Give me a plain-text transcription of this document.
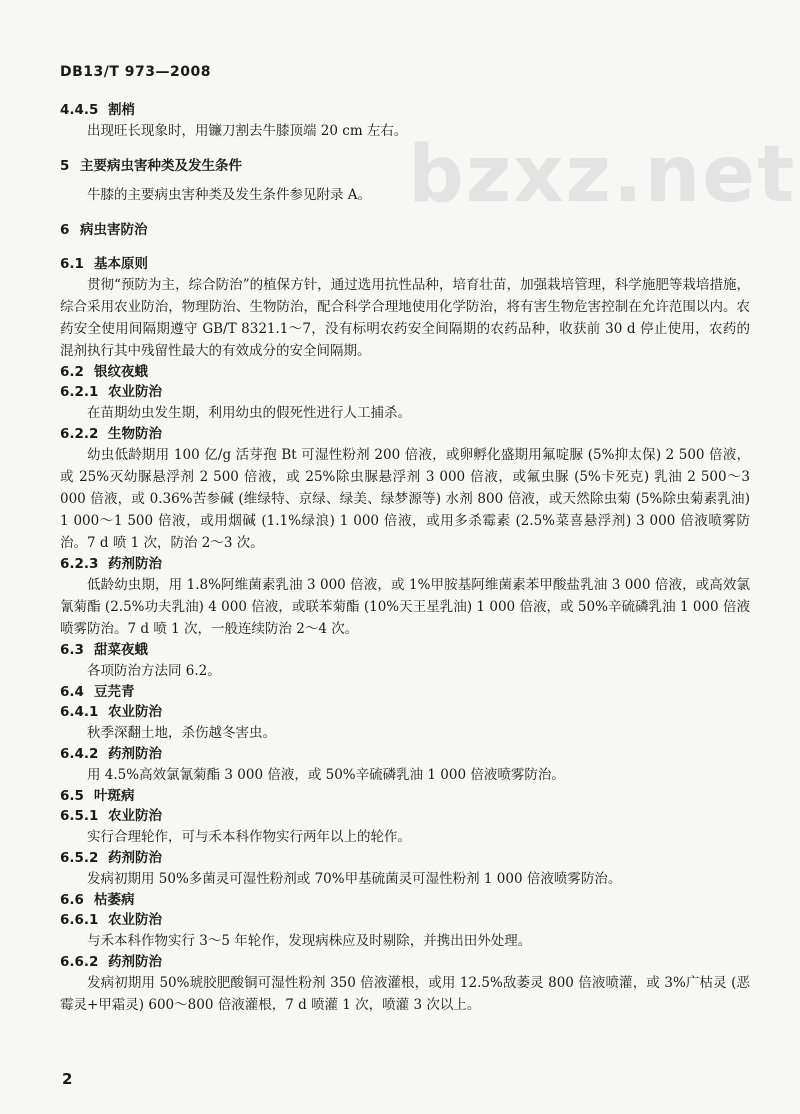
DB13/T 973—2008
bzxz.net
4.4.5 割梢
出现旺长现象时，用镰刀割去牛膝顶端 20 cm 左右。
5 主要病虫害种类及发生条件
牛膝的主要病虫害种类及发生条件参见附录 A。
6 病虫害防治
6.1 基本原则
贯彻“预防为主，综合防治”的植保方针，通过选用抗性品种，培育壮苗，加强栽培管理，科学施肥等栽培措施，综合采用农业防治，物理防治、生物防治，配合科学合理地使用化学防治，将有害生物危害控制在允许范围以内。农药安全使用间隔期遵守 GB/T 8321.1～7，没有标明农药安全间隔期的农药品种，收获前 30 d 停止使用，农药的混剂执行其中残留性最大的有效成分的安全间隔期。
6.2 银纹夜蛾
6.2.1 农业防治
在苗期幼虫发生期，利用幼虫的假死性进行人工捕杀。
6.2.2 生物防治
幼虫低龄期用 100 亿/g 活芽孢 Bt 可湿性粉剂 200 倍液，或卵孵化盛期用氟啶脲 (5%抑太保) 2 500 倍液，或 25%灭幼脲悬浮剂 2 500 倍液，或 25%除虫脲悬浮剂 3 000 倍液，或氟虫脲 (5%卡死克) 乳油 2 500～3 000 倍液，或 0.36%苦参碱 (维绿特、京绿、绿美、绿梦源等) 水剂 800 倍液，或天然除虫菊 (5%除虫菊素乳油) 1 000～1 500 倍液，或用烟碱 (1.1%绿浪) 1 000 倍液，或用多杀霉素 (2.5%菜喜悬浮剂) 3 000 倍液喷雾防治。7 d 喷 1 次，防治 2～3 次。
6.2.3 药剂防治
低龄幼虫期，用 1.8%阿维菌素乳油 3 000 倍液，或 1%甲胺基阿维菌素苯甲酸盐乳油 3 000 倍液，或高效氯氰菊酯 (2.5%功夫乳油) 4 000 倍液，或联苯菊酯 (10%天王星乳油) 1 000 倍液，或 50%辛硫磷乳油 1 000 倍液喷雾防治。7 d 喷 1 次，一般连续防治 2～4 次。
6.3 甜菜夜蛾
各项防治方法同 6.2。
6.4 豆芫青
6.4.1 农业防治
秋季深翻土地，杀伤越冬害虫。
6.4.2 药剂防治
用 4.5%高效氯氰菊酯 3 000 倍液，或 50%辛硫磷乳油 1 000 倍液喷雾防治。
6.5 叶斑病
6.5.1 农业防治
实行合理轮作，可与禾本科作物实行两年以上的轮作。
6.5.2 药剂防治
发病初期用 50%多菌灵可湿性粉剂或 70%甲基硫菌灵可湿性粉剂 1 000 倍液喷雾防治。
6.6 枯萎病
6.6.1 农业防治
与禾本科作物实行 3～5 年轮作，发现病株应及时剔除，并携出田外处理。
6.6.2 药剂防治
发病初期用 50%琥胶肥酸铜可湿性粉剂 350 倍液灌根，或用 12.5%敌萎灵 800 倍液喷灌，或 3%广枯灵 (恶霉灵+甲霜灵) 600～800 倍液灌根，7 d 喷灌 1 次，喷灌 3 次以上。
2
